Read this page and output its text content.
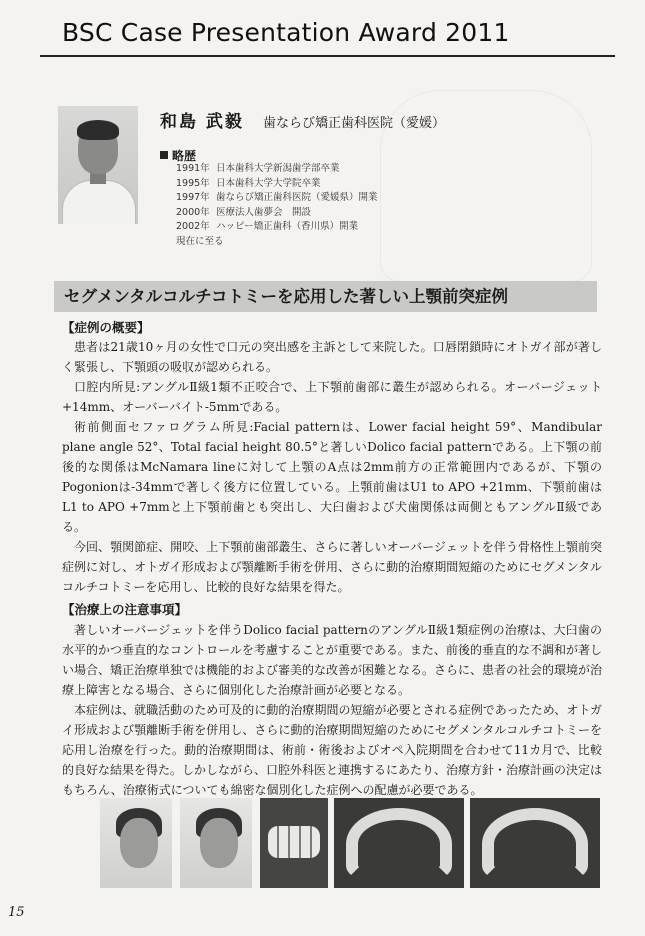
BSC Case Presentation Award 2011
和島 武毅 歯ならび矯正歯科医院（愛媛）
略歴
1991年 日本歯科大学新潟歯学部卒業
1995年 日本歯科大学大学院卒業
1997年 歯ならび矯正歯科医院（愛媛県）開業
2000年 医療法人歯夢会　開設
2002年 ハッピー矯正歯科（香川県）開業
現在に至る
セグメンタルコルチコトミーを応用した著しい上顎前突症例
【症例の概要】

患者は21歳10ヶ月の女性で口元の突出感を主訴として来院した。口唇閉鎖時にオトガイ部が著しく緊張し、下顎頭の吸収が認められる。

口腔内所見:アングルⅡ級1類不正咬合で、上下顎前歯部に叢生が認められる。オーバージェット+14mm、オーバーバイト-5mmである。

術前側面セファログラム所見:Facial patternは、Lower facial height 59°、Mandibular plane angle 52°、Total facial height 80.5°と著しいDolico facial patternである。上下顎の前後的な関係はMcNamara lineに対して上顎のA点は2mm前方の正常範囲内であるが、下顎のPogonionは-34mmで著しく後方に位置している。上顎前歯はU1 to APO +21mm、下顎前歯はL1 to APO +7mmと上下顎前歯とも突出し、大臼歯および犬歯関係は両側ともアングルⅡ級である。

今回、顎関節症、開咬、上下顎前歯部叢生、さらに著しいオーバージェットを伴う骨格性上顎前突症例に対し、オトガイ形成および顎離断手術を併用、さらに動的治療期間短縮のためにセグメンタルコルチコトミーを応用し、比較的良好な結果を得た。

【治療上の注意事項】

著しいオーバージェットを伴うDolico facial patternのアングルⅡ級1類症例の治療は、大臼歯の水平的かつ垂直的なコントロールを考慮することが重要である。また、前後的垂直的な不調和が著しい場合、矯正治療単独では機能的および審美的な改善が困難となる。さらに、患者の社会的環境が治療上障害となる場合、さらに個別化した治療計画が必要となる。

本症例は、就職活動のため可及的に動的治療期間の短縮が必要とされる症例であったため、オトガイ形成および顎離断手術を併用し、さらに動的治療期間短縮のためにセグメンタルコルチコトミーを応用し治療を行った。動的治療期間は、術前・術後およびオペ入院期間を合わせて11カ月で、比較的良好な結果を得た。しかしながら、口腔外科医と連携するにあたり、治療方針・治療計画の決定はもちろん、治療術式についても綿密な個別化した症例への配慮が必要である。

15
